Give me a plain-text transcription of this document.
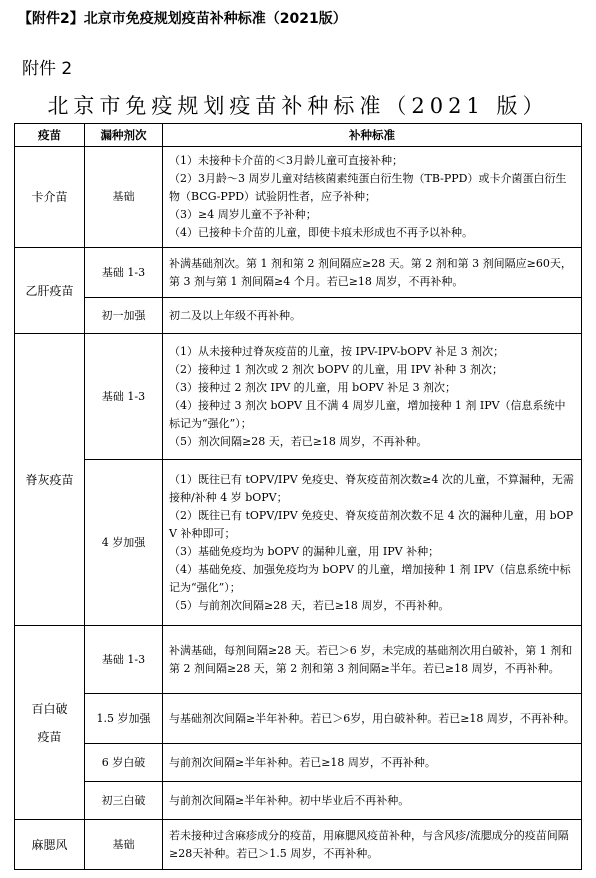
【附件2】北京市免疫规划疫苗补种标准（2021版）
附件 2
北京市免疫规划疫苗补种标准（2021 版）
疫苗	漏种剂次	补种标准
卡介苗	基础	（1）未接种卡介苗的＜3月龄儿童可直接补种；
（2）3月龄～3 周岁儿童对结核菌素纯蛋白衍生物（TB-PPD）或卡介菌蛋白衍生物（BCG-PPD）试验阴性者，应予补种；
（3）≥4 周岁儿童不予补种；
（4）已接种卡介苗的儿童，即使卡痕未形成也不再予以补种。

乙肝疫苗	基础 1-3	补满基础剂次。第 1 剂和第 2 剂间隔应≥28 天。第 2 剂和第 3 剂间隔应≥60天，第 3 剂与第 1 剂间隔≥4 个月。若已≥18 周岁，不再补种。

	初一加强	初二及以上年级不再补种。

脊灰疫苗	基础 1-3	（1）从未接种过脊灰疫苗的儿童，按 IPV-IPV-bOPV 补足 3 剂次；
（2）接种过 1 剂次或 2 剂次 bOPV 的儿童，用 IPV 补种 3 剂次；
（3）接种过 2 剂次 IPV 的儿童，用 bOPV 补足 3 剂次；
（4）接种过 3 剂次 bOPV 且不满 4 周岁儿童，增加接种 1 剂 IPV（信息系统中标记为“强化”）；
（5）剂次间隔≥28 天，若已≥18 周岁，不再补种。

	4 岁加强	（1）既往已有 tOPV/IPV 免疫史、脊灰疫苗剂次数≥4 次的儿童，不算漏种，无需接种/补种 4 岁 bOPV；
（2）既往已有 tOPV/IPV 免疫史、脊灰疫苗剂次数不足 4 次的漏种儿童，用 bOPV 补种即可；
（3）基础免疫均为 bOPV 的漏种儿童，用 IPV 补种；
（4）基础免疫、加强免疫均为 bOPV 的儿童，增加接种 1 剂 IPV（信息系统中标记为“强化”）；
（5）与前剂次间隔≥28 天，若已≥18 周岁，不再补种。

百白破
疫苗	基础 1-3	补满基础，每剂间隔≥28 天。若已＞6 岁，未完成的基础剂次用白破补，第 1 剂和第 2 剂间隔≥28 天，第 2 剂和第 3 剂间隔≥半年。若已≥18 周岁，不再补种。

	1.5 岁加强	与基础剂次间隔≥半年补种。若已＞6岁，用白破补种。若已≥18 周岁，不再补种。

	6 岁白破	与前剂次间隔≥半年补种。若已≥18 周岁，不再补种。

	初三白破	与前剂次间隔≥半年补种。初中毕业后不再补种。

麻腮风	基础	若未接种过含麻疹成分的疫苗，用麻腮风疫苗补种，与含风疹/流腮成分的疫苗间隔≥28天补种。若已＞1.5 周岁，不再补种。
